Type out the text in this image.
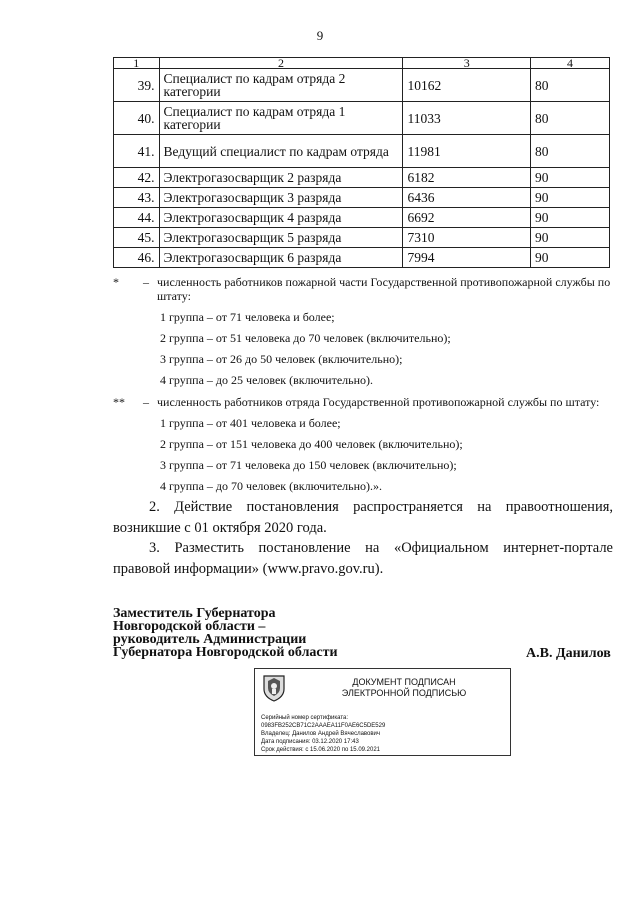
9
1	2	3	4
39.	Специалист по кадрам отряда 2 категории	10162	80
40.	Специалист по кадрам отряда 1 категории	11033	80
41.	Ведущий специалист по кадрам отряда	11981	80
42.	Электрогазосварщик 2 разряда	6182	90
43.	Электрогазосварщик 3 разряда	6436	90
44.	Электрогазосварщик 4 разряда	6692	90
45.	Электрогазосварщик 5 разряда	7310	90
46.	Электрогазосварщик 6 разряда	7994	90
*	– численность работников пожарной части Государственной противопожарной службы по штату:
1 группа – от 71 человека и более;
2 группа – от 51 человека до 70 человек (включительно);
3 группа – от 26 до 50 человек (включительно);
4 группа – до 25 человек (включительно).
**	– численность работников отряда Государственной противопожарной службы по штату:
1 группа – от 401 человека и более;
2 группа – от 151 человека до 400 человек (включительно);
3 группа – от 71 человека до 150 человек (включительно);
4 группа – до 70 человек (включительно).».
2. Действие постановления распространяется на правоотношения, возникшие с 01 октября 2020 года.
3. Разместить постановление на «Официальном интернет-портале правовой информации» (www.pravo.gov.ru).
Заместитель Губернатора
Новгородской области –
руководитель Администрации
Губернатора Новгородской области	А.В. Данилов
ДОКУМЕНТ ПОДПИСАН
ЭЛЕКТРОННОЙ ПОДПИСЬЮ
Серийный номер сертификата:
0983FB252CB71C2AAAEA11F0AE6C5DE529
Владелец: Данилов Андрей Вячеславович
Дата подписания: 03.12.2020 17:43
Срок действия: с 15.06.2020 по 15.09.2021
